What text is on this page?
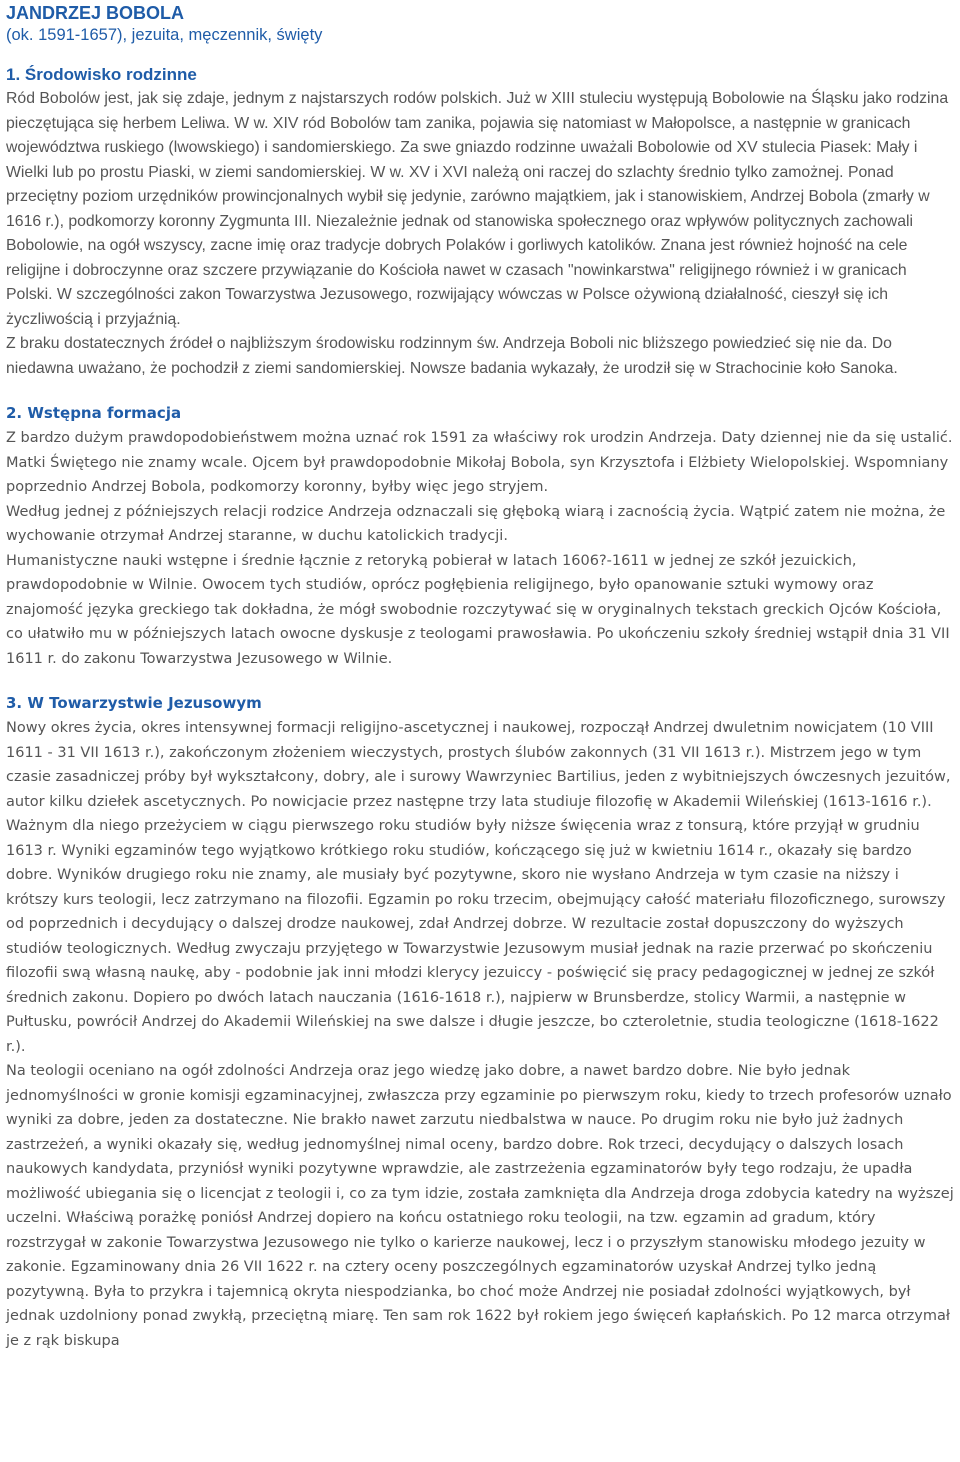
JANDRZEJ BOBOLA
(ok. 1591-1657), jezuita, męczennik, święty
1. Środowisko rodzinne

Ród Bobolów jest, jak się zdaje, jednym z najstarszych rodów polskich. Już w XIII stuleciu występują Bobolowie na Śląsku jako rodzina pieczętująca się herbem Leliwa. W w. XIV ród Bobolów tam zanika, pojawia się natomiast w Małopolsce, a następnie w granicach województwa ruskiego (lwowskiego) i sandomierskiego. Za swe gniazdo rodzinne uważali Bobolowie od XV stulecia Piasek: Mały i Wielki lub po prostu Piaski, w ziemi sandomierskiej. W w. XV i XVI należą oni raczej do szlachty średnio tylko zamożnej. Ponad przeciętny poziom urzędników prowincjonalnych wybił się jedynie, zarówno majątkiem, jak i stanowiskiem, Andrzej Bobola (zmarły w 1616 r.), podkomorzy koronny Zygmunta III. Niezależnie jednak od stanowiska społecznego oraz wpływów politycznych zachowali Bobolowie, na ogół wszyscy, zacne imię oraz tradycje dobrych Polaków i gorliwych katolików. Znana jest również hojność na cele religijne i dobroczynne oraz szczere przywiązanie do Kościoła nawet w czasach "nowinkarstwa" religijnego również i w granicach Polski. W szczególności zakon Towarzystwa Jezusowego, rozwijający wówczas w Polsce ożywioną działalność, cieszył się ich życzliwością i przyjaźnią.

Z braku dostatecznych źródeł o najbliższym środowisku rodzinnym św. Andrzeja Boboli nic bliższego powiedzieć się nie da. Do niedawna uważano, że pochodził z ziemi sandomierskiej. Nowsze badania wykazały, że urodził się w Strachocinie koło Sanoka.

2. Wstępna formacja

Z bardzo dużym prawdopodobieństwem można uznać rok 1591 za właściwy rok urodzin Andrzeja. Daty dziennej nie da się ustalić. Matki Świętego nie znamy wcale. Ojcem był prawdopodobnie Mikołaj Bobola, syn Krzysztofa i Elżbiety Wielopolskiej. Wspomniany poprzednio Andrzej Bobola, podkomorzy koronny, byłby więc jego stryjem.

Według jednej z późniejszych relacji rodzice Andrzeja odznaczali się głęboką wiarą i zacnością życia. Wątpić zatem nie można, że wychowanie otrzymał Andrzej staranne, w duchu katolickich tradycji.

Humanistyczne nauki wstępne i średnie łącznie z retoryką pobierał w latach 1606?-1611 w jednej ze szkół jezuickich, prawdopodobnie w Wilnie. Owocem tych studiów, oprócz pogłębienia religijnego, było opanowanie sztuki wymowy oraz znajomość języka greckiego tak dokładna, że mógł swobodnie rozczytywać się w oryginalnych tekstach greckich Ojców Kościoła, co ułatwiło mu w późniejszych latach owocne dyskusje z teologami prawosławia. Po ukończeniu szkoły średniej wstąpił dnia 31 VII 1611 r. do zakonu Towarzystwa Jezusowego w Wilnie.

3. W Towarzystwie Jezusowym

Nowy okres życia, okres intensywnej formacji religijno-ascetycznej i naukowej, rozpoczął Andrzej dwuletnim nowicjatem (10 VIII 1611 - 31 VII 1613 r.), zakończonym złożeniem wieczystych, prostych ślubów zakonnych (31 VII 1613 r.). Mistrzem jego w tym czasie zasadniczej próby był wykształcony, dobry, ale i surowy Wawrzyniec Bartilius, jeden z wybitniejszych ówczesnych jezuitów, autor kilku dziełek ascetycznych. Po nowicjacie przez następne trzy lata studiuje filozofię w Akademii Wileńskiej (1613-1616 r.). Ważnym dla niego przeżyciem w ciągu pierwszego roku studiów były niższe święcenia wraz z tonsurą, które przyjął w grudniu 1613 r. Wyniki egzaminów tego wyjątkowo krótkiego roku studiów, kończącego się już w kwietniu 1614 r., okazały się bardzo dobre. Wyników drugiego roku nie znamy, ale musiały być pozytywne, skoro nie wysłano Andrzeja w tym czasie na niższy i krótszy kurs teologii, lecz zatrzymano na filozofii. Egzamin po roku trzecim, obejmujący całość materiału filozoficznego, surowszy od poprzednich i decydujący o dalszej drodze naukowej, zdał Andrzej dobrze. W rezultacie został dopuszczony do wyższych studiów teologicznych. Według zwyczaju przyjętego w Towarzystwie Jezusowym musiał jednak na razie przerwać po skończeniu filozofii swą własną naukę, aby - podobnie jak inni młodzi klerycy jezuiccy - poświęcić się pracy pedagogicznej w jednej ze szkół średnich zakonu. Dopiero po dwóch latach nauczania (1616-1618 r.), najpierw w Brunsberdze, stolicy Warmii, a następnie w Pułtusku, powrócił Andrzej do Akademii Wileńskiej na swe dalsze i długie jeszcze, bo czteroletnie, studia teologiczne (1618-1622 r.).

Na teologii oceniano na ogół zdolności Andrzeja oraz jego wiedzę jako dobre, a nawet bardzo dobre. Nie było jednak jednomyślności w gronie komisji egzaminacyjnej, zwłaszcza przy egzaminie po pierwszym roku, kiedy to trzech profesorów uznało wyniki za dobre, jeden za dostateczne. Nie brakło nawet zarzutu niedbalstwa w nauce. Po drugim roku nie było już żadnych zastrzeżeń, a wyniki okazały się, według jednomyślnej nimal oceny, bardzo dobre. Rok trzeci, decydujący o dalszych losach naukowych kandydata, przyniósł wyniki pozytywne wprawdzie, ale zastrzeżenia egzaminatorów były tego rodzaju, że upadła możliwość ubiegania się o licencjat z teologii i, co za tym idzie, została zamknięta dla Andrzeja droga zdobycia katedry na wyższej uczelni. Właściwą porażkę poniósł Andrzej dopiero na końcu ostatniego roku teologii, na tzw. egzamin ad gradum, który rozstrzygał w zakonie Towarzystwa Jezusowego nie tylko o karierze naukowej, lecz i o przyszłym stanowisku młodego jezuity w zakonie. Egzaminowany dnia 26 VII 1622 r. na cztery oceny poszczególnych egzaminatorów uzyskał Andrzej tylko jedną pozytywną. Była to przykra i tajemnicą okryta niespodzianka, bo choć może Andrzej nie posiadał zdolności wyjątkowych, był jednak uzdolniony ponad zwykłą, przeciętną miarę. Ten sam rok 1622 był rokiem jego święceń kapłańskich. Po 12 marca otrzymał je z rąk biskupa
